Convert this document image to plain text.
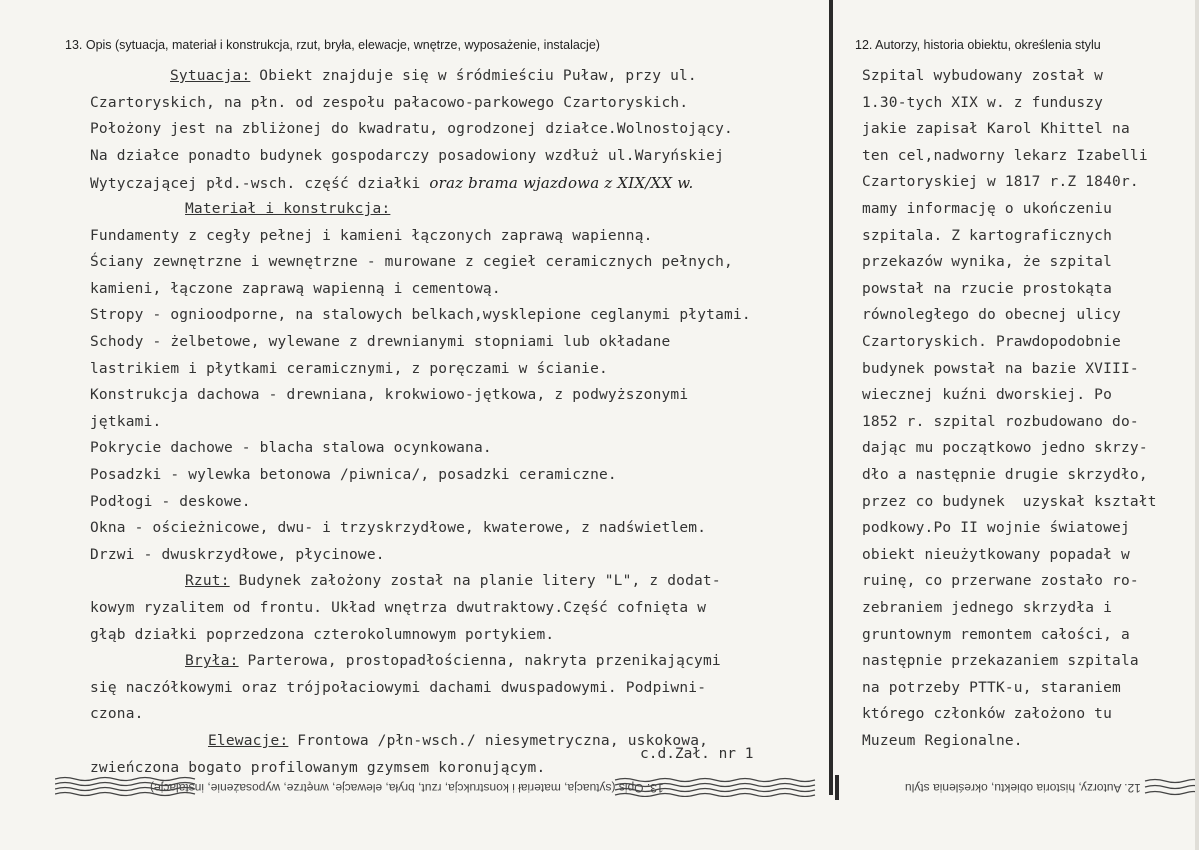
13. Opis (sytuacja, materiał i konstrukcja, rzut, bryła, elewacje, wnętrze, wyposażenie, instalacje)	12. Autorzy, historia obiektu, określenia stylu
Sytuacja: Obiekt znajduje się w śródmieściu Puław, przy ul.
Czartoryskich, na płn. od zespołu pałacowo-parkowego Czartoryskich.
Położony jest na zbliżonej do kwadratu, ogrodzonej działce.Wolnostojący.
Na działce ponadto budynek gospodarczy posadowiony wzdłuż ul.Waryńskiej
Wytyczającej płd.-wsch. część działki oraz brama wjazdowa z XIX/XX w.
Materiał i konstrukcja:
Fundamenty z cegły pełnej i kamieni łączonych zaprawą wapienną.
Ściany zewnętrzne i wewnętrzne - murowane z cegieł ceramicznych pełnych,
kamieni, łączone zaprawą wapienną i cementową.
Stropy - ognioodporne, na stalowych belkach,wysklepione ceglanymi płytami.
Schody - żelbetowe, wylewane z drewnianymi stopniami lub okładane
lastrikiem i płytkami ceramicznymi, z poręczami w ścianie.
Konstrukcja dachowa - drewniana, krokwiowo-jętkowa, z podwyższonymi
jętkami.
Pokrycie dachowe - blacha stalowa ocynkowana.
Posadzki - wylewka betonowa /piwnica/, posadzki ceramiczne.
Podłogi - deskowe.
Okna - ościeżnicowe, dwu- i trzyskrzydłowe, kwaterowe, z nadświetlem.
Drzwi - dwuskrzydłowe, płycinowe.
Rzut: Budynek założony został na planie litery "L", z dodat-
kowym ryzalitem od frontu. Układ wnętrza dwutraktowy.Część cofnięta w
głąb działki poprzedzona czterokolumnowym portykiem.
Bryła: Parterowa, prostopadłościenna, nakryta przenikającymi
się naczółkowymi oraz trójpołaciowymi dachami dwuspadowymi. Podpiwni-
czona.
Elewacje: Frontowa /płn-wsch./ niesymetryczna, uskokowa,
zwieńczona bogato profilowanym gzymsem koronującym.
Szpital wybudowany został w
1.30-tych XIX w. z funduszy
jakie zapisał Karol Khittel na
ten cel,nadworny lekarz Izabelli
Czartoryskiej w 1817 r.Z 1840r.
mamy informację o ukończeniu
szpitala. Z kartograficznych
przekazów wynika, że szpital
powstał na rzucie prostokąta
równoległego do obecnej ulicy
Czartoryskich. Prawdopodobnie
budynek powstał na bazie XVIII-
wiecznej kuźni dworskiej. Po
1852 r. szpital rozbudowano do-
dając mu początkowo jedno skrzy-
dło a następnie drugie skrzydło,
przez co budynek  uzyskał kształt
podkowy.Po II wojnie światowej
obiekt nieużytkowany popadał w
ruinę, co przerwane zostało ro-
zebraniem jednego skrzydła i
gruntownym remontem całości, a
następnie przekazaniem szpitala
na potrzeby PTTK-u, staraniem
którego członków założono tu
Muzeum Regionalne.
c.d.Zał. nr 1
13. Opis (sytuacja, materiał i konstrukcja, rzut, bryła, elewacje, wnętrze, wyposażenie, instalacje)	12. Autorzy, historia obiektu, określenia stylu
